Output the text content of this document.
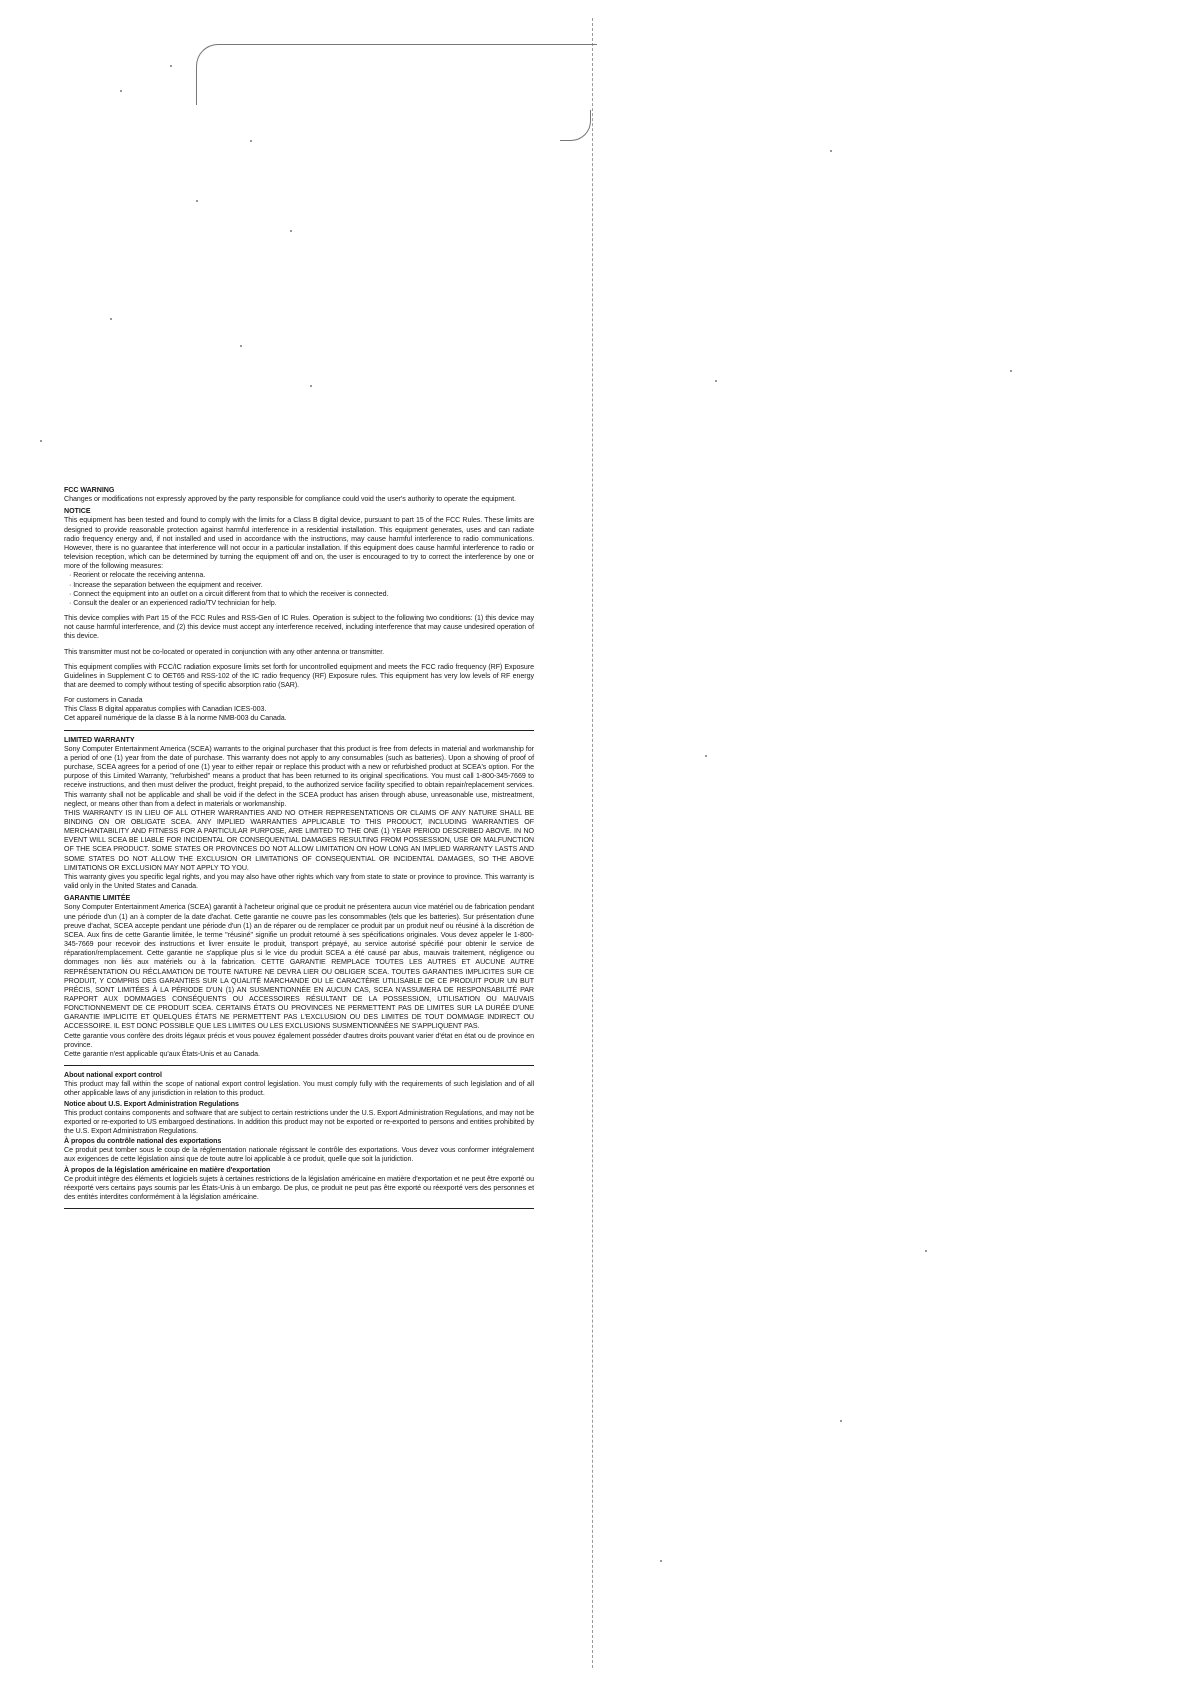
FCC WARNING
Changes or modifications not expressly approved by the party responsible for compliance could void the user's authority to operate the equipment.
NOTICE
This equipment has been tested and found to comply with the limits for a Class B digital device, pursuant to part 15 of the FCC Rules. These limits are designed to provide reasonable protection against harmful interference in a residential installation. This equipment generates, uses and can radiate radio frequency energy and, if not installed and used in accordance with the instructions, may cause harmful interference to radio communications. However, there is no guarantee that interference will not occur in a particular installation. If this equipment does cause harmful interference to radio or television reception, which can be determined by turning the equipment off and on, the user is encouraged to try to correct the interference by one or more of the following measures:
· Reorient or relocate the receiving antenna.
· Increase the separation between the equipment and receiver.
· Connect the equipment into an outlet on a circuit different from that to which the receiver is connected.
· Consult the dealer or an experienced radio/TV technician for help.
This device complies with Part 15 of the FCC Rules and RSS-Gen of IC Rules. Operation is subject to the following two conditions: (1) this device may not cause harmful interference, and (2) this device must accept any interference received, including interference that may cause undesired operation of this device.
This transmitter must not be co-located or operated in conjunction with any other antenna or transmitter.
This equipment complies with FCC/IC radiation exposure limits set forth for uncontrolled equipment and meets the FCC radio frequency (RF) Exposure Guidelines in Supplement C to OET65 and RSS-102 of the IC radio frequency (RF) Exposure rules. This equipment has very low levels of RF energy that are deemed to comply without testing of specific absorption ratio (SAR).
For customers in Canada
This Class B digital apparatus complies with Canadian ICES-003.
Cet appareil numérique de la classe B à la norme NMB-003 du Canada.
LIMITED WARRANTY
Sony Computer Entertainment America (SCEA) warrants to the original purchaser that this product is free from defects in material and workmanship for a period of one (1) year from the date of purchase. This warranty does not apply to any consumables (such as batteries). Upon a showing of proof of purchase, SCEA agrees for a period of one (1) year to either repair or replace this product with a new or refurbished product at SCEA's option. For the purpose of this Limited Warranty, "refurbished" means a product that has been returned to its original specifications. You must call 1-800-345-7669 to receive instructions, and then must deliver the product, freight prepaid, to the authorized service facility specified to obtain repair/replacement services. This warranty shall not be applicable and shall be void if the defect in the SCEA product has arisen through abuse, unreasonable use, mistreatment, neglect, or means other than from a defect in materials or workmanship.
THIS WARRANTY IS IN LIEU OF ALL OTHER WARRANTIES AND NO OTHER REPRESENTATIONS OR CLAIMS OF ANY NATURE SHALL BE BINDING ON OR OBLIGATE SCEA. ANY IMPLIED WARRANTIES APPLICABLE TO THIS PRODUCT, INCLUDING WARRANTIES OF MERCHANTABILITY AND FITNESS FOR A PARTICULAR PURPOSE, ARE LIMITED TO THE ONE (1) YEAR PERIOD DESCRIBED ABOVE. IN NO EVENT WILL SCEA BE LIABLE FOR INCIDENTAL OR CONSEQUENTIAL DAMAGES RESULTING FROM POSSESSION, USE OR MALFUNCTION OF THE SCEA PRODUCT. SOME STATES OR PROVINCES DO NOT ALLOW LIMITATION ON HOW LONG AN IMPLIED WARRANTY LASTS AND SOME STATES DO NOT ALLOW THE EXCLUSION OR LIMITATIONS OF CONSEQUENTIAL OR INCIDENTAL DAMAGES, SO THE ABOVE LIMITATIONS OR EXCLUSION MAY NOT APPLY TO YOU.
This warranty gives you specific legal rights, and you may also have other rights which vary from state to state or province to province. This warranty is valid only in the United States and Canada.
GARANTIE LIMITÉE
Sony Computer Entertainment America (SCEA) garantit à l'acheteur original que ce produit ne présentera aucun vice matériel ou de fabrication pendant une période d'un (1) an à compter de la date d'achat. Cette garantie ne couvre pas les consommables (tels que les batteries). Sur présentation d'une preuve d'achat, SCEA accepte pendant une période d'un (1) an de réparer ou de remplacer ce produit par un produit neuf ou réusiné à la discrétion de SCEA. Aux fins de cette Garantie limitée, le terme "réusiné" signifie un produit retourné à ses spécifications originales. Vous devez appeler le 1-800-345-7669 pour recevoir des instructions et livrer ensuite le produit, transport prépayé, au service autorisé spécifié pour obtenir le service de réparation/remplacement. Cette garantie ne s'applique plus si le vice du produit SCEA a été causé par abus, mauvais traitement, négligence ou dommages non liés aux matériels ou à la fabrication. CETTE GARANTIE REMPLACE TOUTES LES AUTRES ET AUCUNE AUTRE REPRÉSENTATION OU RÉCLAMATION DE TOUTE NATURE NE DEVRA LIER OU OBLIGER SCEA. TOUTES GARANTIES IMPLICITES SUR CE PRODUIT, Y COMPRIS DES GARANTIES SUR LA QUALITÉ MARCHANDE OU LE CARACTÈRE UTILISABLE DE CE PRODUIT POUR UN BUT PRÉCIS, SONT LIMITÉES À LA PÉRIODE D'UN (1) AN SUSMENTIONNÉE EN AUCUN CAS, SCEA N'ASSUMERA DE RESPONSABILITÉ PAR RAPPORT AUX DOMMAGES CONSÉQUENTS OU ACCESSOIRES RÉSULTANT DE LA POSSESSION, UTILISATION OU MAUVAIS FONCTIONNEMENT DE CE PRODUIT SCEA. CERTAINS ÉTATS OU PROVINCES NE PERMETTENT PAS DE LIMITES SUR LA DURÉE D'UNE GARANTIE IMPLICITE ET QUELQUES ÉTATS NE PERMETTENT PAS L'EXCLUSION OU DES LIMITES DE TOUT DOMMAGE INDIRECT OU ACCESSOIRE. IL EST DONC POSSIBLE QUE LES LIMITES OU LES EXCLUSIONS SUSMENTIONNÉES NE S'APPLIQUENT PAS.
Cette garantie vous confère des droits légaux précis et vous pouvez également posséder d'autres droits pouvant varier d'état en état ou de province en province.
Cette garantie n'est applicable qu'aux États-Unis et au Canada.
About national export control
This product may fall within the scope of national export control legislation. You must comply fully with the requirements of such legislation and of all other applicable laws of any jurisdiction in relation to this product.
Notice about U.S. Export Administration Regulations
This product contains components and software that are subject to certain restrictions under the U.S. Export Administration Regulations, and may not be exported or re-exported to US embargoed destinations. In addition this product may not be exported or re-exported to persons and entities prohibited by the U.S. Export Administration Regulations.
À propos du contrôle national des exportations
Ce produit peut tomber sous le coup de la réglementation nationale régissant le contrôle des exportations. Vous devez vous conformer intégralement aux exigences de cette législation ainsi que de toute autre loi applicable à ce produit, quelle que soit la juridiction.
À propos de la législation américaine en matière d'exportation
Ce produit intègre des éléments et logiciels sujets à certaines restrictions de la législation américaine en matière d'exportation et ne peut être exporté ou réexporté vers certains pays soumis par les États-Unis à un embargo. De plus, ce produit ne peut pas être exporté ou réexporté vers des personnes et des entités interdites conformément à la législation américaine.
